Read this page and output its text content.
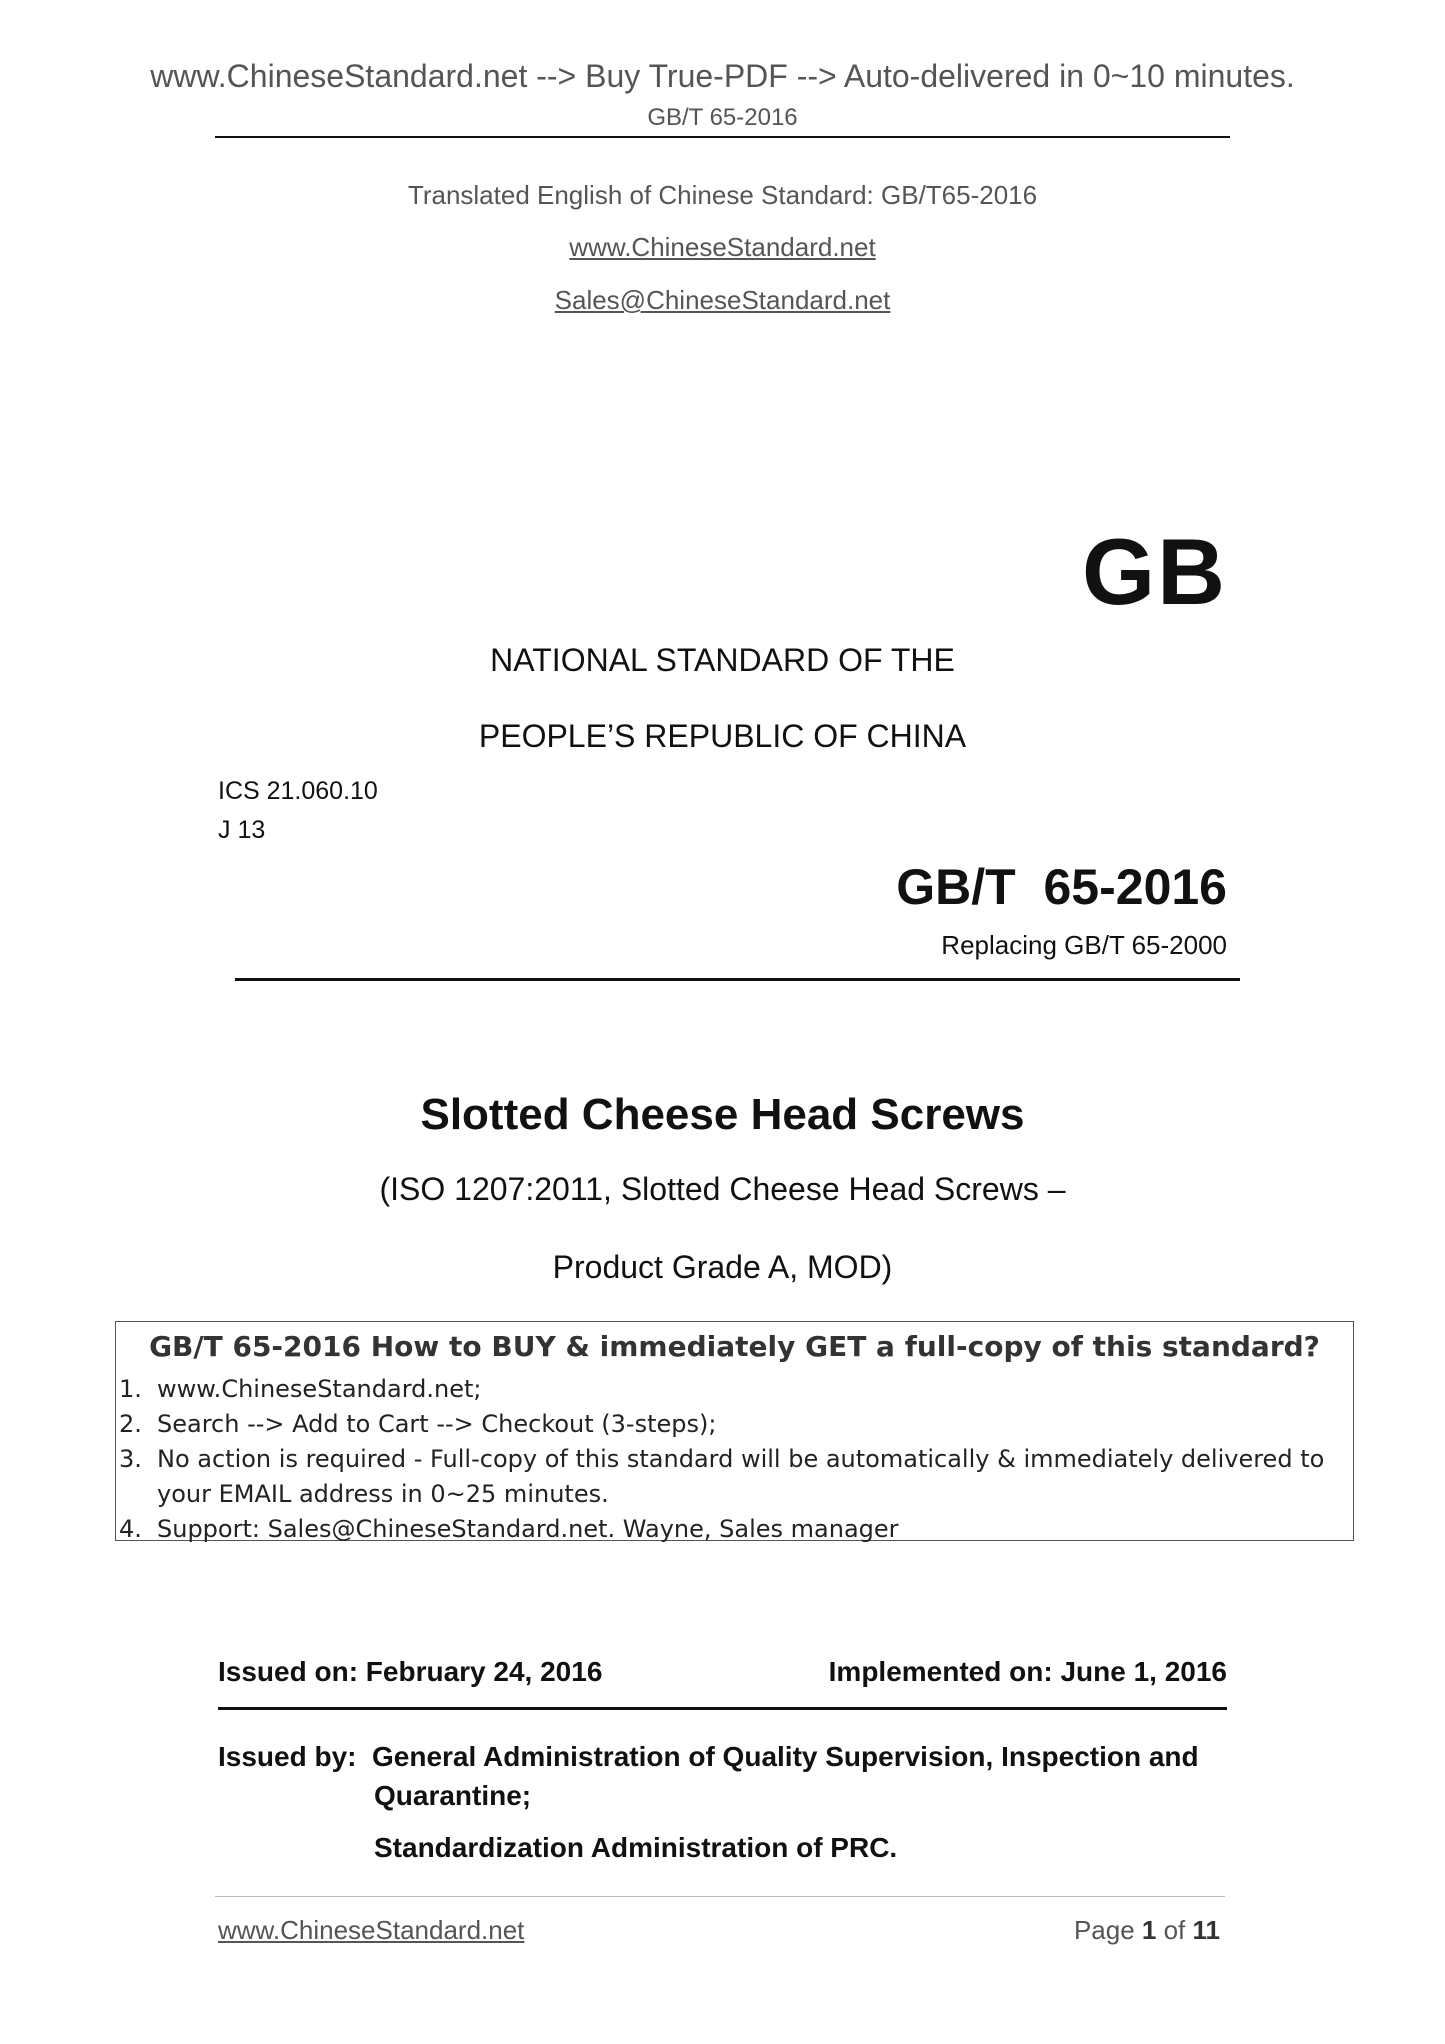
www.ChineseStandard.net --> Buy True-PDF --> Auto-delivered in 0~10 minutes.
GB/T 65-2016
Translated English of Chinese Standard: GB/T65-2016
www.ChineseStandard.net
Sales@ChineseStandard.net
GB
NATIONAL STANDARD OF THE
PEOPLE’S REPUBLIC OF CHINA
ICS 21.060.10
J 13
GB/T  65-2016
Replacing GB/T 65-2000
Slotted Cheese Head Screws
(ISO 1207:2011, Slotted Cheese Head Screws –
Product Grade A, MOD)
GB/T 65-2016 How to BUY & immediately GET a full-copy of this standard?
1. www.ChineseStandard.net;
2. Search --> Add to Cart --> Checkout (3-steps);
3. No action is required - Full-copy of this standard will be automatically & immediately delivered to
your EMAIL address in 0~25 minutes.
4. Support: Sales@ChineseStandard.net. Wayne, Sales manager
Issued on: February 24, 2016	Implemented on: June 1, 2016
Issued by: General Administration of Quality Supervision, Inspection and
Quarantine;
Standardization Administration of PRC.
www.ChineseStandard.net	Page 1 of 11
